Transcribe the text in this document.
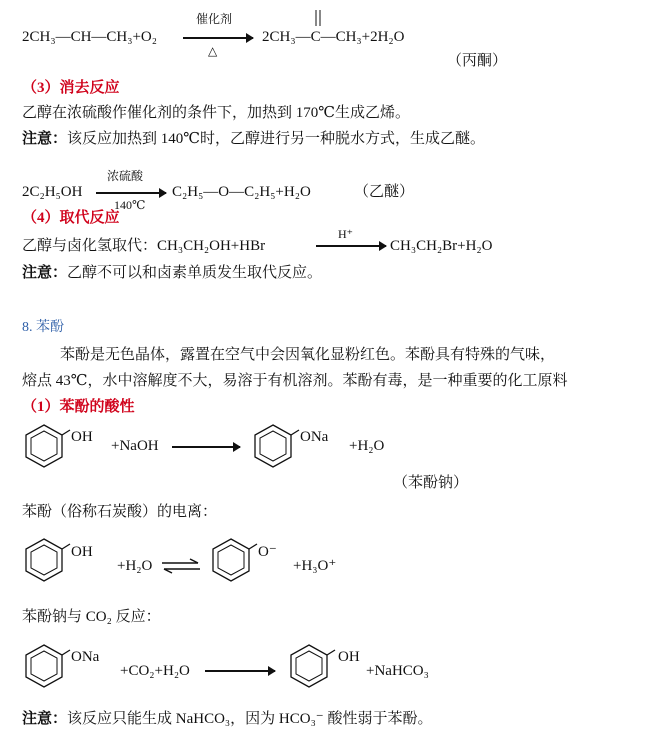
2CH₃—CH—CH₃+O₂
催化剂
△
2CH₃—C—CH₃+2H₂O
（丙酮）
（3）消去反应
乙醇在浓硫酸作催化剂的条件下，加热到 170℃生成乙烯。
注意：该反应加热到 140℃时，乙醇进行另一种脱水方式，生成乙醚。
2C₂H₅OH
浓硫酸
140℃
C₂H₅—O—C₂H₅+H₂O	（乙醚）
（4）取代反应
乙醇与卤化氢取代：CH₃CH₂OH+HBr
H⁺
CH₃CH₂Br+H₂O
注意：乙醇不可以和卤素单质发生取代反应。
8. 苯酚
苯酚是无色晶体，露置在空气中会因氧化显粉红色。苯酚具有特殊的气味，
熔点 43℃，水中溶解度不大，易溶于有机溶剂。苯酚有毒，是一种重要的化工原料
（1）苯酚的酸性
OH
+NaOH
ONa
+H₂O
（苯酚钠）
苯酚（俗称石炭酸）的电离：
OH
+H₂O ⇌
O⁻
+H₃O⁺
苯酚钠与 CO₂ 反应：
ONa
+CO₂+H₂O
OH
+NaHCO₃
注意：该反应只能生成 NaHCO₃，因为 HCO₃⁻ 酸性弱于苯酚。
